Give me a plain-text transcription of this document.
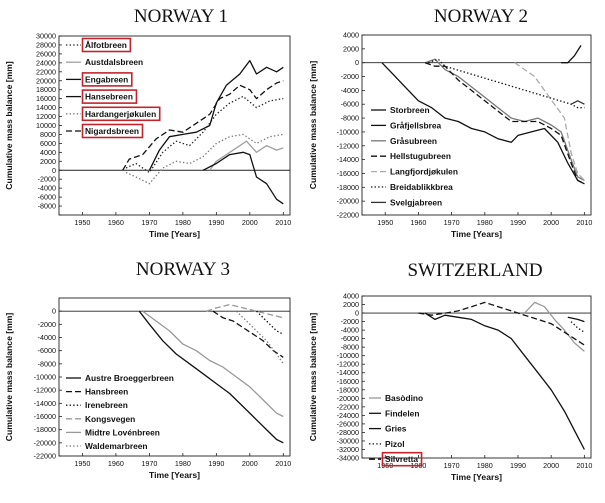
NORWAY 1
-8000
-6000
-4000
-2000
0
2000
4000
6000
8000
10000
12000
14000
16000
18000
20000
22000
24000
26000
28000
30000
1950 1960 1970 1980 1990 2000 2010
Time [Years]
Cumulative mass balance [mm]
Ålfotbreen
Austdalsbreen
Engabreen
Hansebreen
Hardangerjøkulen
Nigardsbreen
NORWAY 2
-22000
-20000
-18000
-16000
-14000
-12000
-10000
-8000
-6000
-4000
-2000
0
2000
4000
1950 1960 1970 1980 1990 2000 2010
Time [Years]
Cumulative mass balance [mm]	Storbreen
Gråfjellsbrea
Gråsubreen
Hellstugubreen
Langfjordjøkulen
Breidablikkbrea
Svelgjabreen
NORWAY 3
-22000
-20000
-18000
-16000
-14000
-12000
-10000
-8000
-6000
-4000
-2000
0
1950 1960 1970 1980 1990 2000 2010
Time [Years]
Cumulative mass balance [mm]	Austre Broeggerbreen
Hansbreen
Irenebreen
Kongsvegen
Midtre Lovénbreen
Waldemarbreen
SWITZERLAND
-34000
-32000
-30000
-28000
-26000
-24000
-22000
-20000
-18000
-16000
-14000
-12000
-10000
-8000
-6000
-4000
-2000
0
2000
4000
1950 1960 1970 1980 1990 2000 2010
Time [Years]
Cumulative mass balance [mm]	Basòdino
Findelen
Gries
Pizol
Silvretta
